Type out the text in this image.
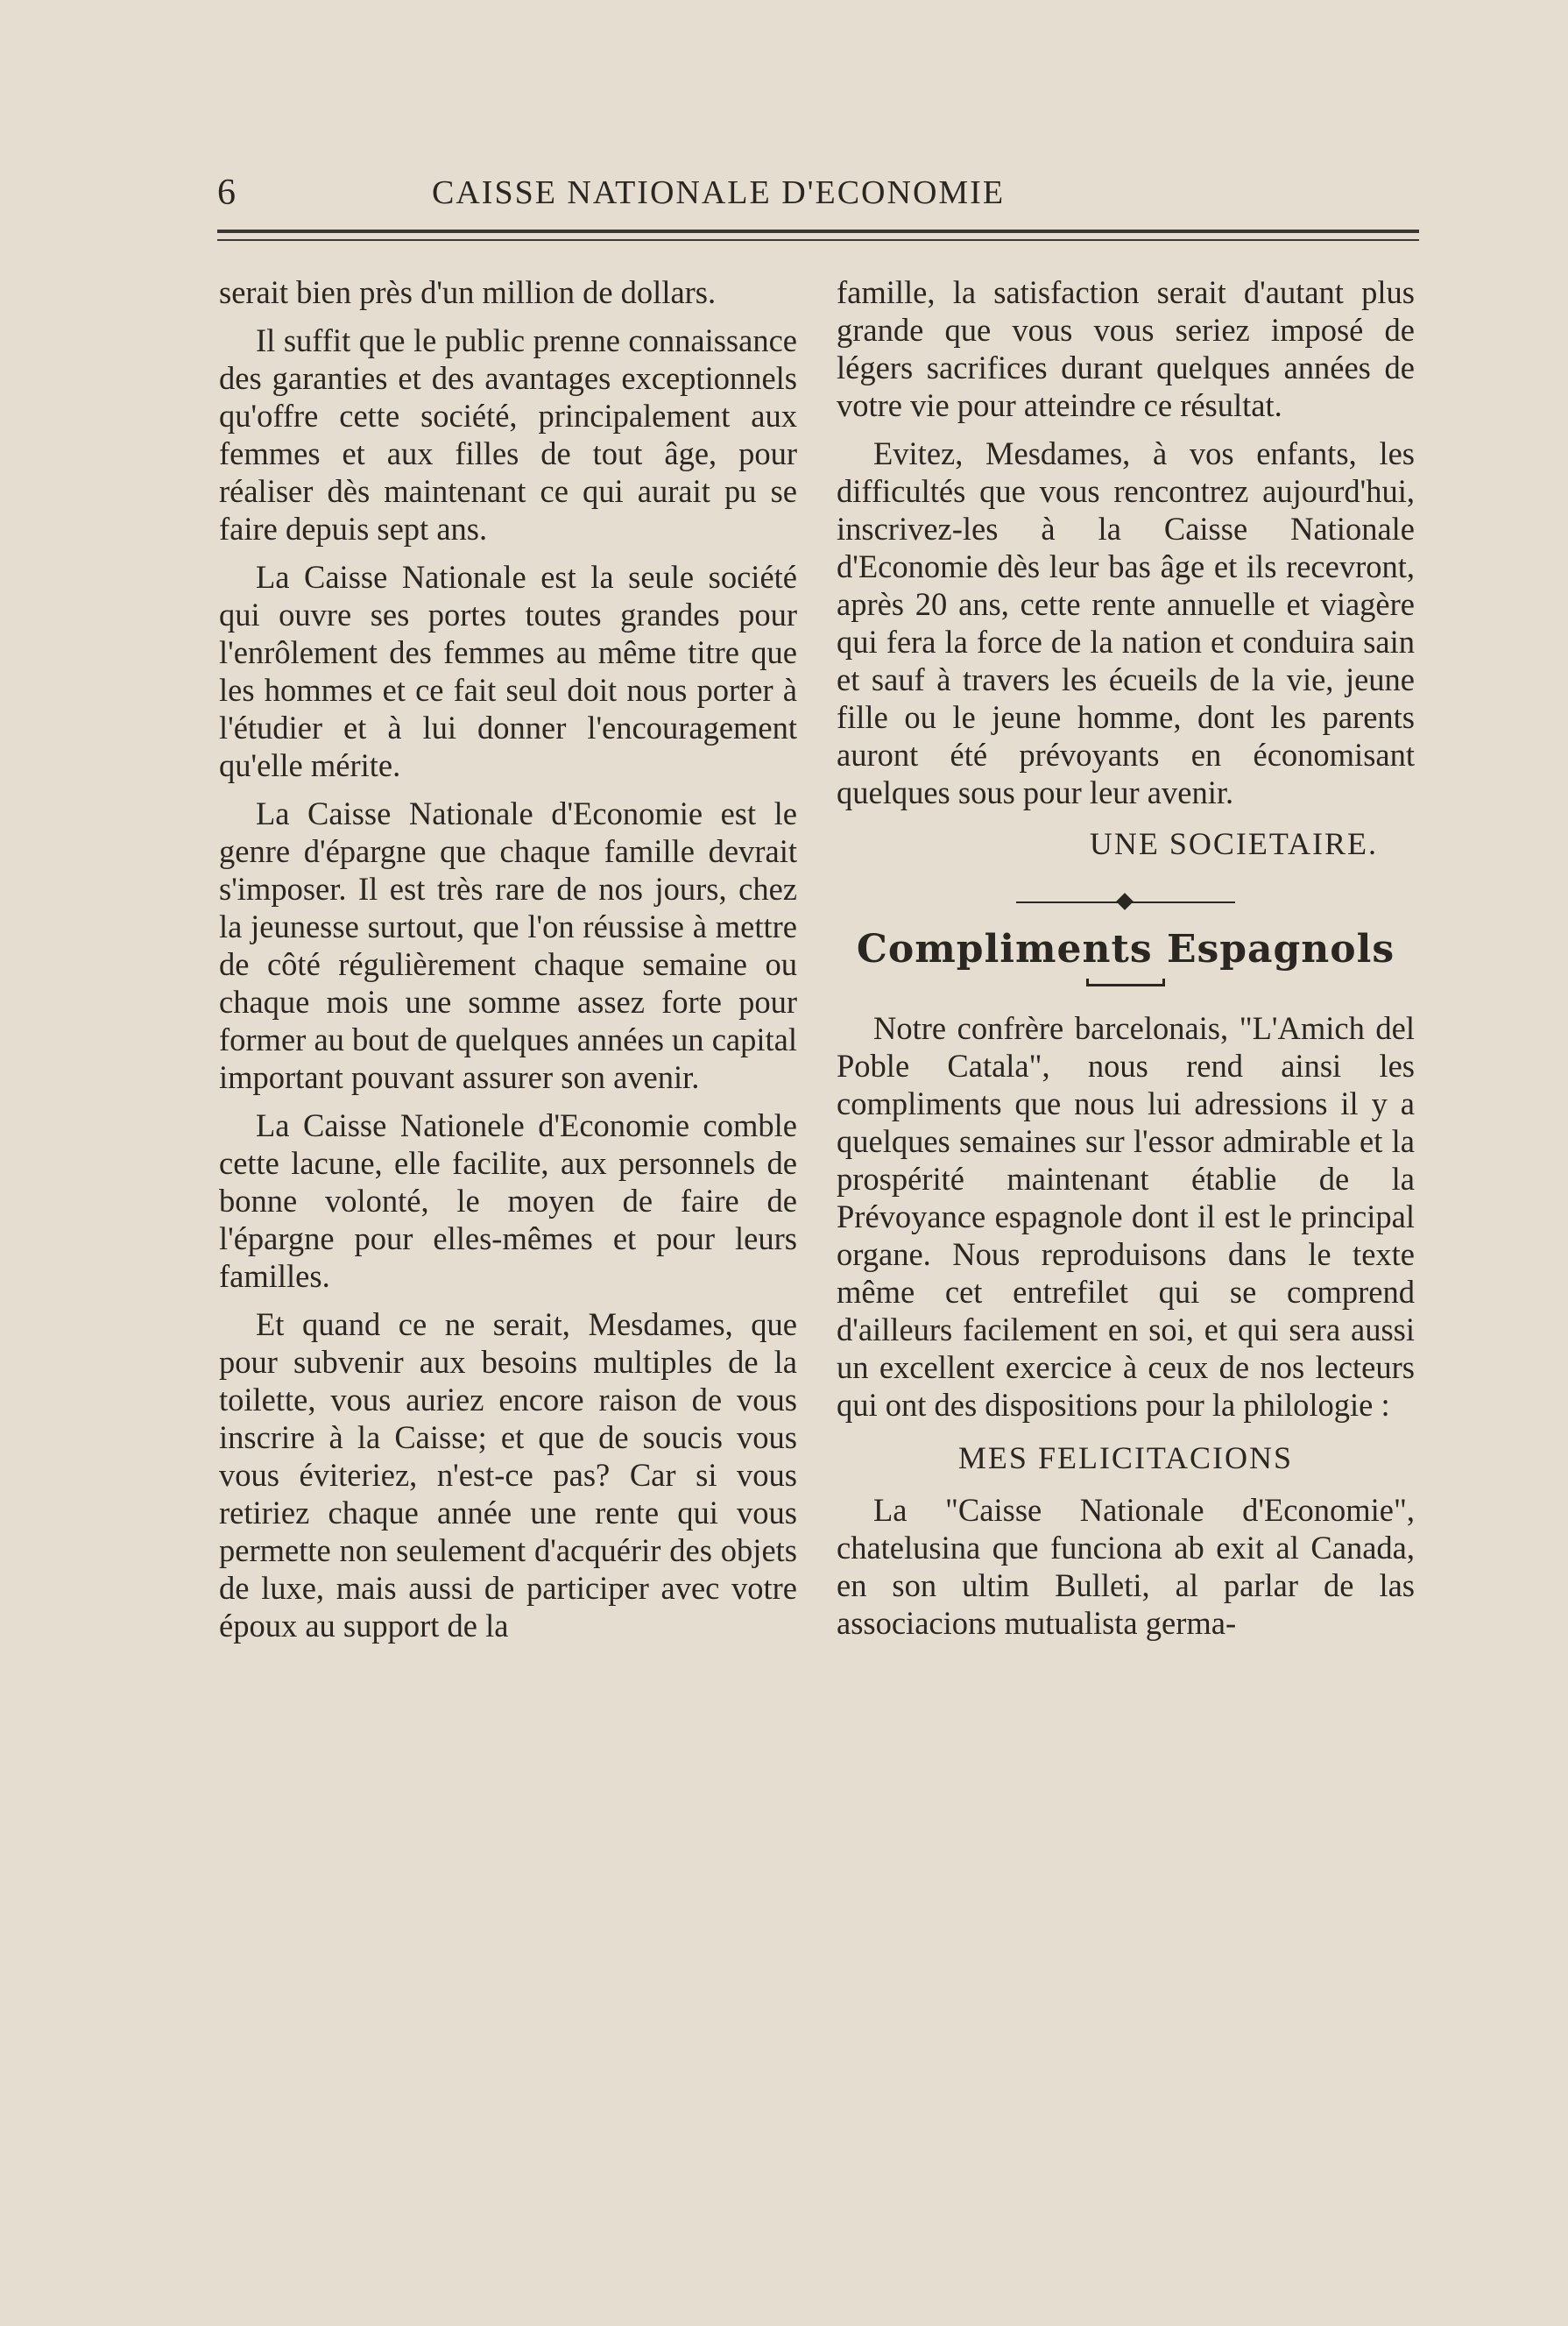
6	CAISSE NATIONALE D'ECONOMIE

serait bien près d'un million de dollars.

Il suffit que le public prenne connaissance des garanties et des avantages exceptionnels qu'offre cette société, principalement aux femmes et aux filles de tout âge, pour réaliser dès maintenant ce qui aurait pu se faire depuis sept ans.

La Caisse Nationale est la seule société qui ouvre ses portes toutes grandes pour l'enrôlement des femmes au même titre que les hommes et ce fait seul doit nous porter à l'étudier et à lui donner l'encouragement qu'elle mérite.

La Caisse Nationale d'Economie est le genre d'épargne que chaque famille devrait s'imposer. Il est très rare de nos jours, chez la jeunesse surtout, que l'on réussise à mettre de côté régulièrement chaque semaine ou chaque mois une somme assez forte pour former au bout de quelques années un capital important pouvant assurer son avenir.

La Caisse Nationele d'Economie comble cette lacune, elle facilite, aux personnels de bonne volonté, le moyen de faire de l'épargne pour elles-mêmes et pour leurs familles.

Et quand ce ne serait, Mesdames, que pour subvenir aux besoins multiples de la toilette, vous auriez encore raison de vous inscrire à la Caisse; et que de soucis vous vous éviteriez, n'est-ce pas? Car si vous retiriez chaque année une rente qui vous permette non seulement d'acquérir des objets de luxe, mais aussi de participer avec votre époux au support de la

famille, la satisfaction serait d'autant plus grande que vous vous seriez imposé de légers sacrifices durant quelques années de votre vie pour atteindre ce résultat.

Evitez, Mesdames, à vos enfants, les difficultés que vous rencontrez aujourd'hui, inscrivez-les à la Caisse Nationale d'Economie dès leur bas âge et ils recevront, après 20 ans, cette rente annuelle et viagère qui fera la force de la nation et conduira sain et sauf à travers les écueils de la vie, jeune fille ou le jeune homme, dont les parents auront été prévoyants en économisant quelques sous pour leur avenir.

UNE SOCIETAIRE.
Compliments Espagnols

Notre confrère barcelonais, "L'Amich del Poble Catala", nous rend ainsi les compliments que nous lui adressions il y a quelques semaines sur l'essor admirable et la prospérité maintenant établie de la Prévoyance espagnole dont il est le principal organe. Nous reproduisons dans le texte même cet entrefilet qui se comprend d'ailleurs facilement en soi, et qui sera aussi un excellent exercice à ceux de nos lecteurs qui ont des dispositions pour la philologie :

MES FELICITACIONS

La "Caisse Nationale d'Economie", chatelusina que funciona ab exit al Canada, en son ultim Bulleti, al parlar de las associacions mutualista germa-
